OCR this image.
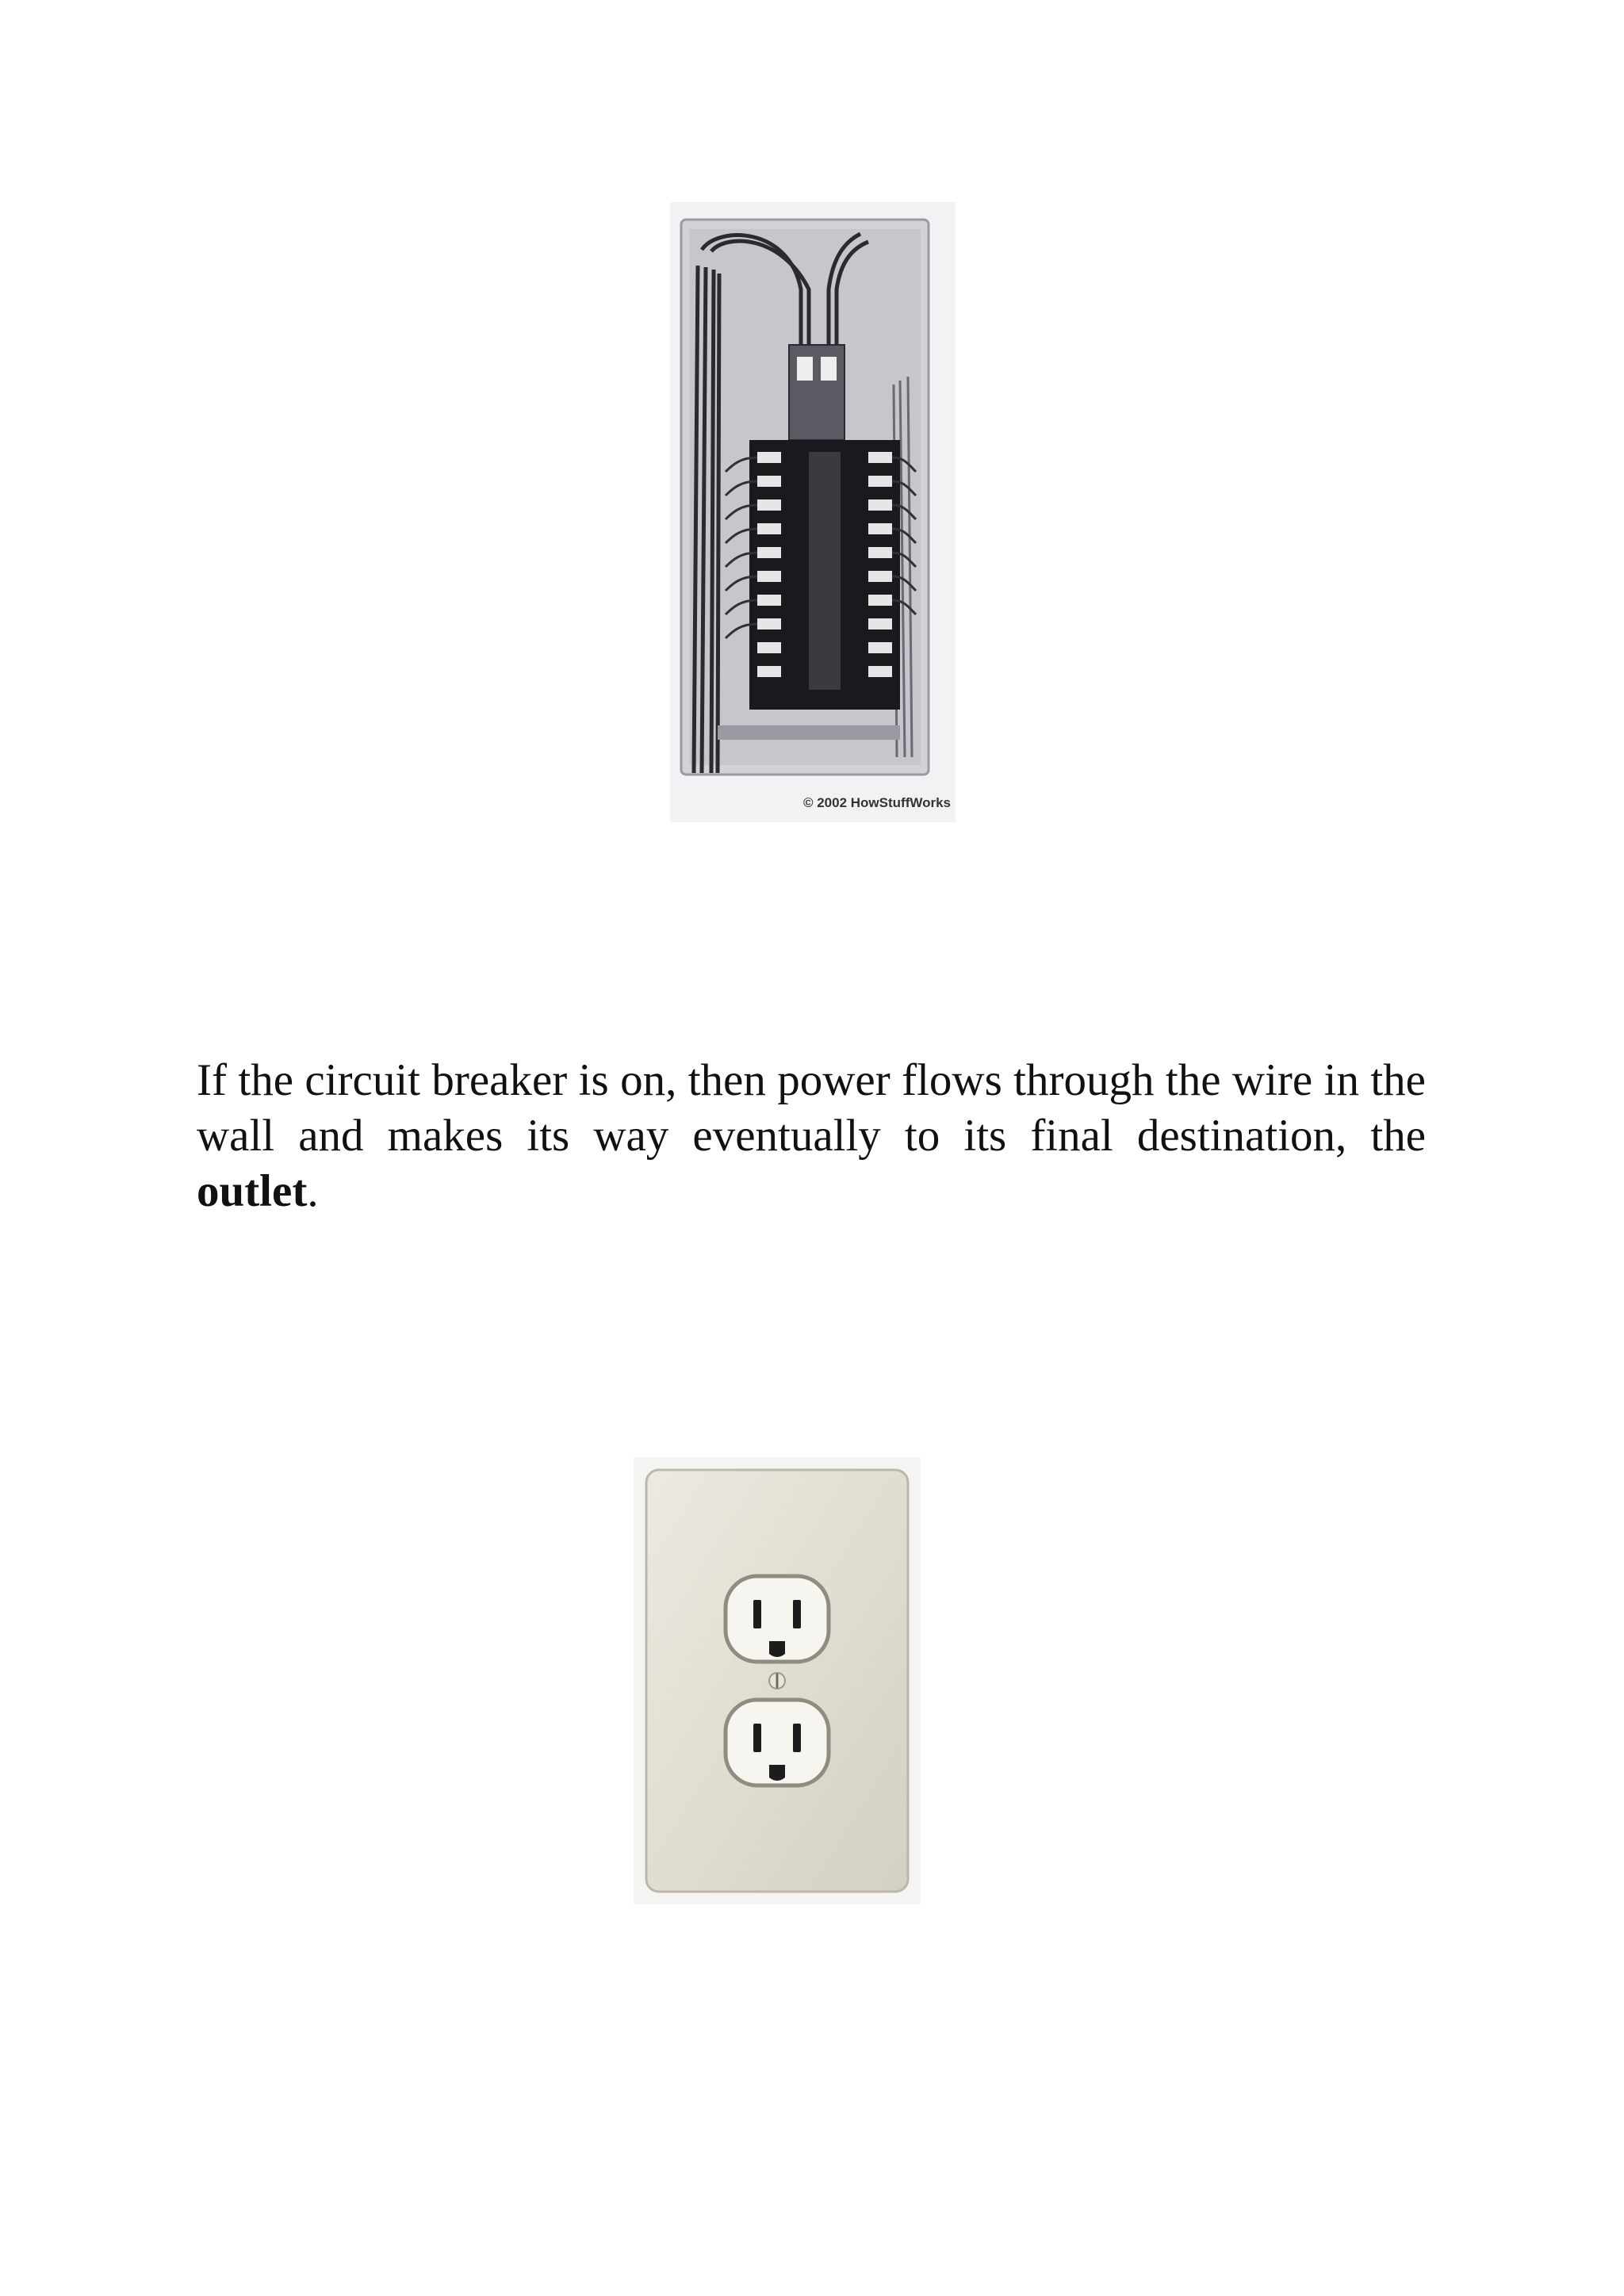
© 2002 HowStuffWorks

If the circuit breaker is on, then power flows through the wire in the wall and makes its way eventually to its final destination, the outlet.
